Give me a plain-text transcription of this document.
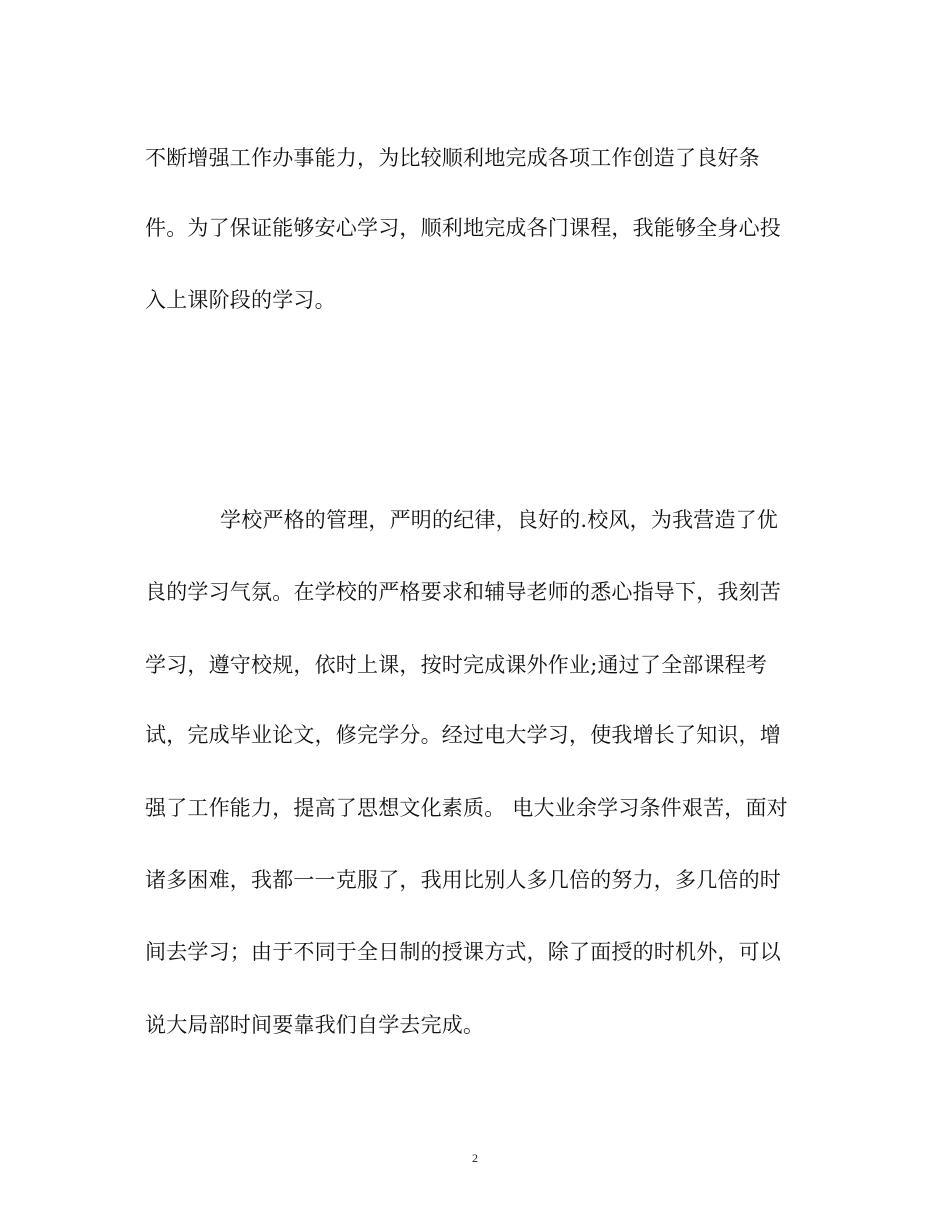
不断增强工作办事能力，为比较顺利地完成各项工作创造了良好条
件。为了保证能够安心学习，顺利地完成各门课程，我能够全身心投
入上课阶段的学习。
学校严格的管理，严明的纪律，良好的.校风，为我营造了优
良的学习气氛。在学校的严格要求和辅导老师的悉心指导下，我刻苦
学习，遵守校规，依时上课，按时完成课外作业;通过了全部课程考
试，完成毕业论文，修完学分。经过电大学习，使我增长了知识，增
强了工作能力，提高了思想文化素质。 电大业余学习条件艰苦，面对
诸多困难，我都一一克服了，我用比别人多几倍的努力，多几倍的时
间去学习；由于不同于全日制的授课方式，除了面授的时机外，可以
说大局部时间要靠我们自学去完成。
2
